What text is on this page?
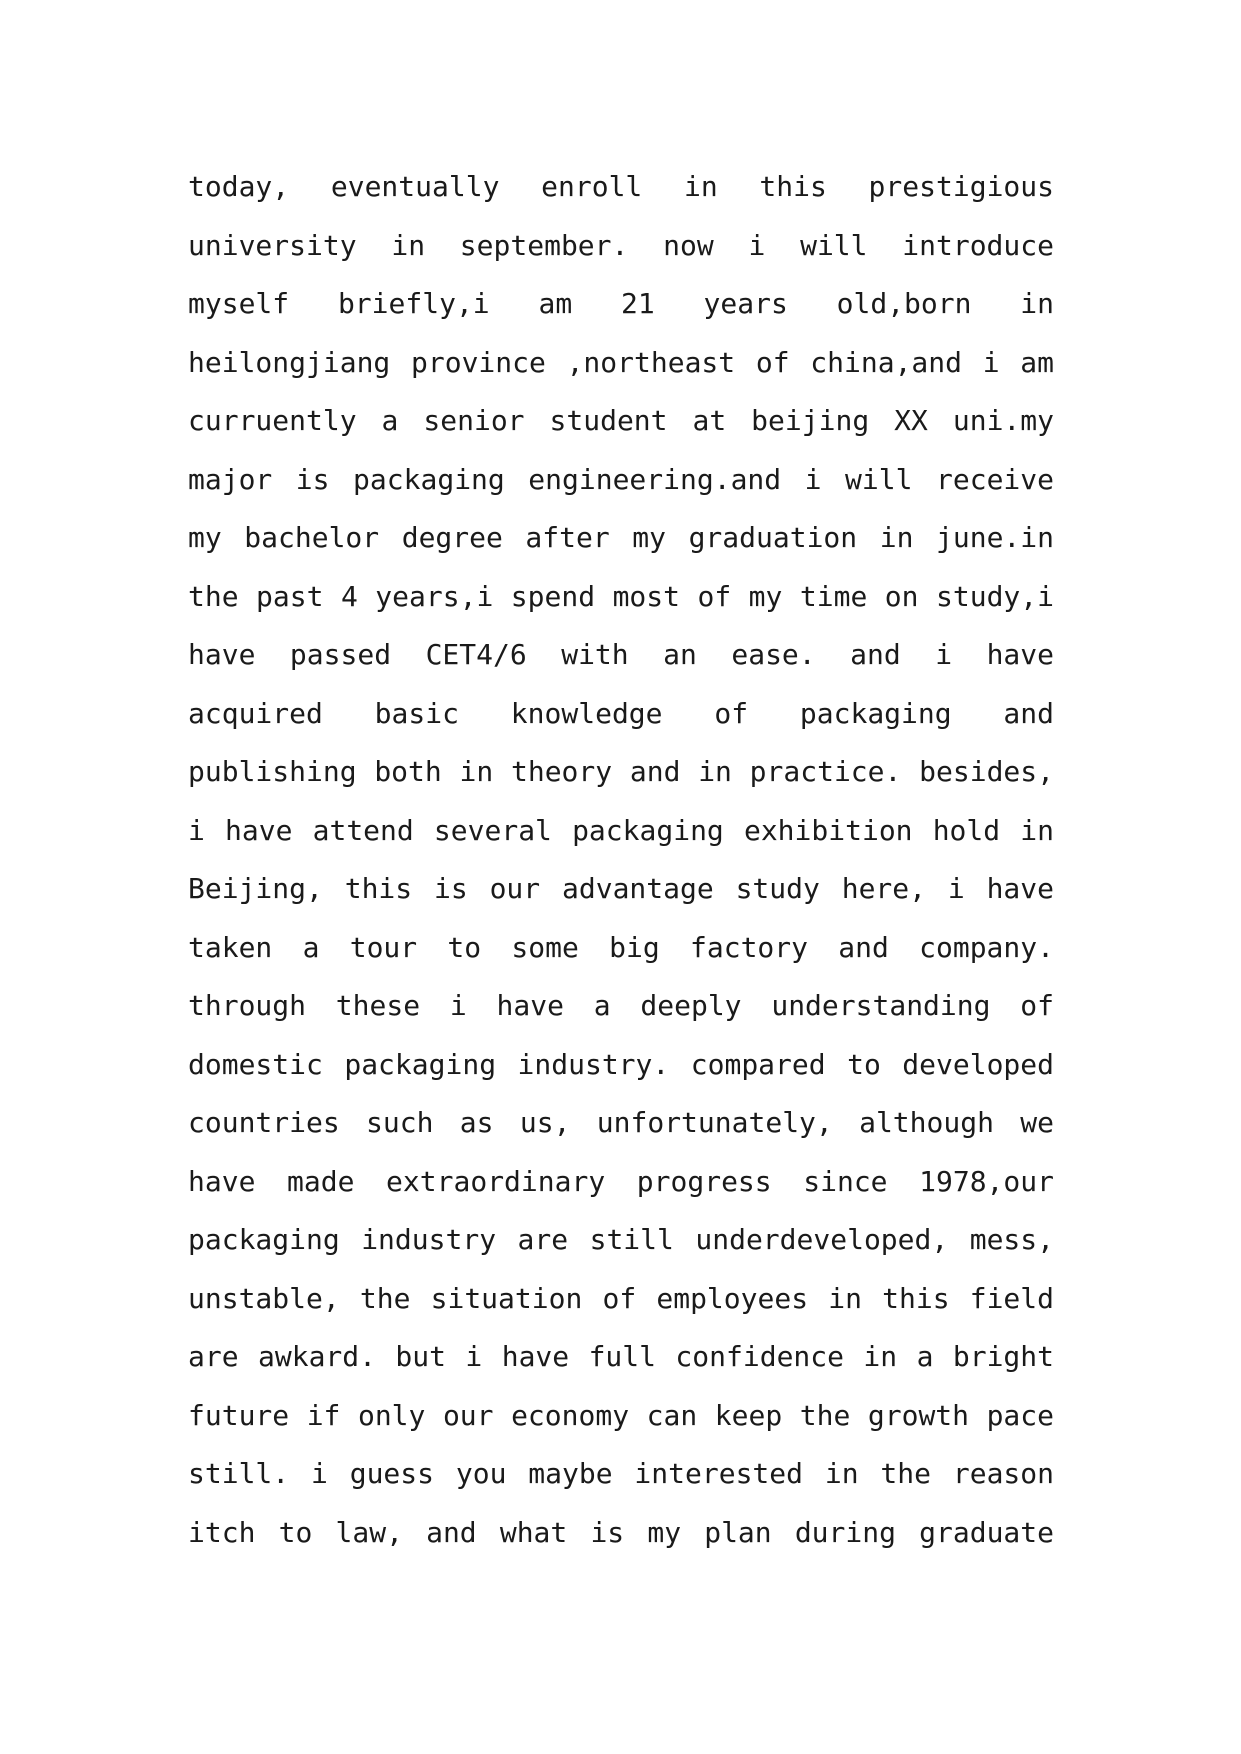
today, eventually enroll in this prestigious
university in september. now i will introduce
myself briefly,i am 21 years old,born in
heilongjiang province ,northeast of china,and i am
curruently a senior student at beijing XX uni.my
major is packaging engineering.and i will receive
my bachelor degree after my graduation in june.in
the past 4 years,i spend most of my time on study,i
have passed CET4/6 with an ease. and i have
acquired basic knowledge of packaging and
publishing both in theory and in practice. besides,
i have attend several packaging exhibition hold in
Beijing, this is our advantage study here, i have
taken a tour to some big factory and company.
through these i have a deeply understanding of
domestic packaging industry. compared to developed
countries such as us, unfortunately, although we
have made extraordinary progress since 1978,our
packaging industry are still underdeveloped, mess,
unstable, the situation of employees in this field
are awkard. but i have full confidence in a bright
future if only our economy can keep the growth pace
still. i guess you maybe interested in the reason
itch to law, and what is my plan during graduate
